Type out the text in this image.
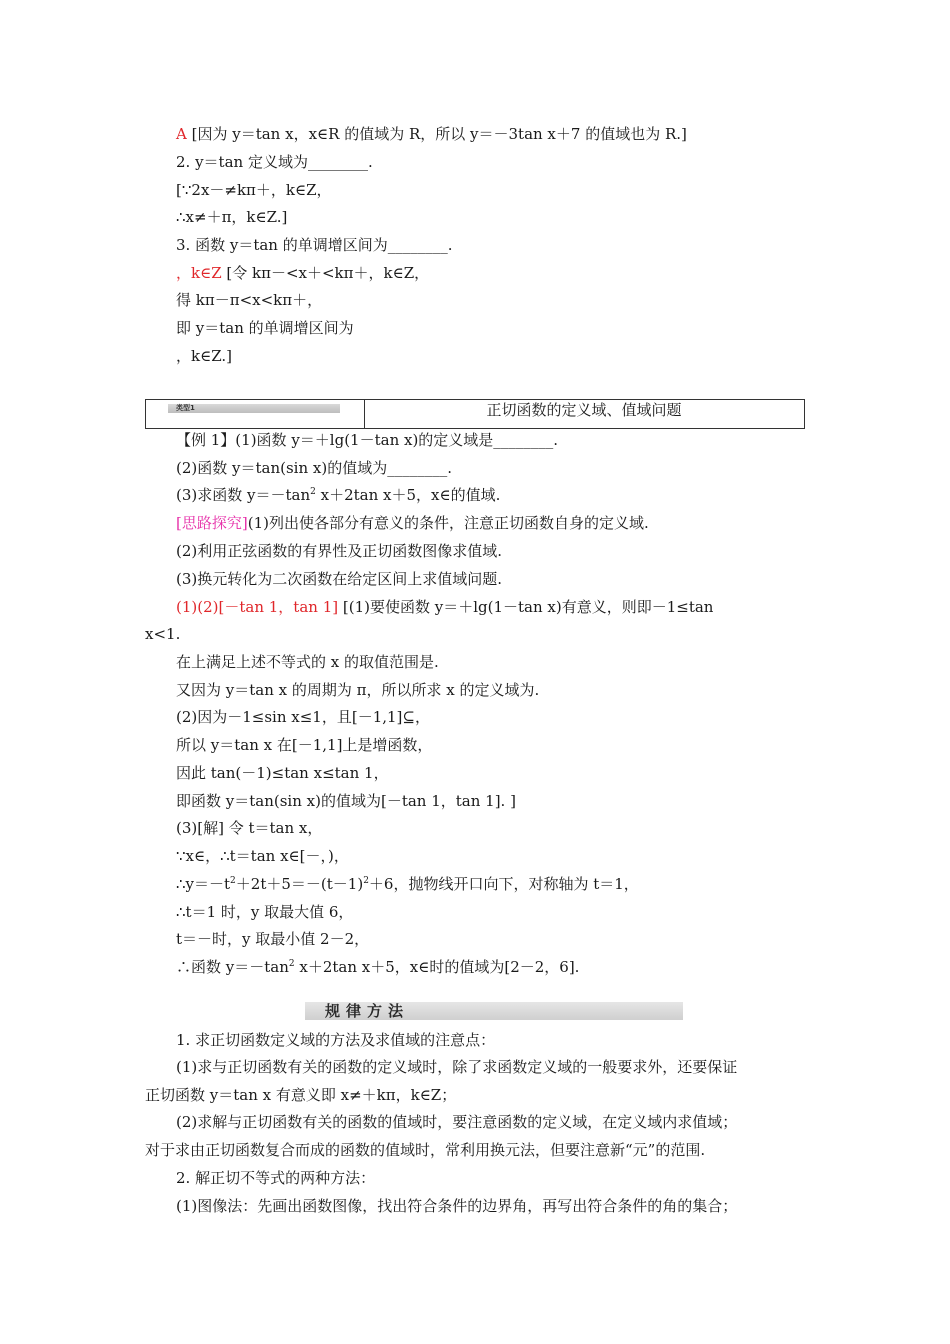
A [因为 y＝tan x，x∈R 的值域为 R，所以 y＝－3tan x＋7 的值域也为 R.]
2. y＝tan 定义域为________.
[∵2x－≠kπ＋，k∈Z，
∴x≠＋π，k∈Z.]
3. 函数 y＝tan 的单调增区间为________.
，k∈Z [令 kπ－<x＋<kπ＋，k∈Z，
得 kπ－π<x<kπ＋，
即 y＝tan 的单调增区间为
，k∈Z.]
【例 1】(1)函数 y＝＋lg(1－tan x)的定义域是________.
(2)函数 y＝tan(sin x)的值域为________.
(3)求函数 $y=-\tan^2$ x＋2tan x＋5，x∈的值域.
[思路探究](1)列出使各部分有意义的条件，注意正切函数自身的定义域.
(2)利用正弦函数的有界性及正切函数图像求值域.
(3)换元转化为二次函数在给定区间上求值域问题.
(1)(2)[－tan 1，tan 1] [(1)要使函数 y＝＋lg(1－tan x)有意义，则即－1≤tan
x<1.
在上满足上述不等式的 x 的取值范围是.
又因为 y＝tan x 的周期为 π，所以所求 x 的定义域为.
(2)因为－1≤sin x≤1，且[－1,1]⊆，
所以 y＝tan x 在[－1,1]上是增函数，
因此 tan(－1)≤tan x≤tan 1，
即函数 y＝tan(sin x)的值域为[－tan 1，tan 1]. ]
(3)[解] 令 t＝tan x，
∵x∈，∴t＝tan x∈[－，)，
$\therefore y=-t^2+2t+5=-(t-1)^2+6$，抛物线开口向下，对称轴为 t＝1，
∴t＝1 时，y 取最大值 6，
t＝－时，y 取最小值 2－2，
∴函数 $y=-\tan^2$ x＋2tan x＋5，x∈时的值域为[2－2，6].
1. 求正切函数定义域的方法及求值域的注意点：
(1)求与正切函数有关的函数的定义域时，除了求函数定义域的一般要求外，还要保证
正切函数 y＝tan x 有意义即 x≠＋kπ，k∈Z；
(2)求解与正切函数有关的函数的值域时，要注意函数的定义域，在定义域内求值域；
对于求由正切函数复合而成的函数的值域时，常利用换元法，但要注意新“元”的范围.
2. 解正切不等式的两种方法：
(1)图像法：先画出函数图像，找出符合条件的边界角，再写出符合条件的角的集合；
类型1	正切函数的定义域、值域问题
规律方法
